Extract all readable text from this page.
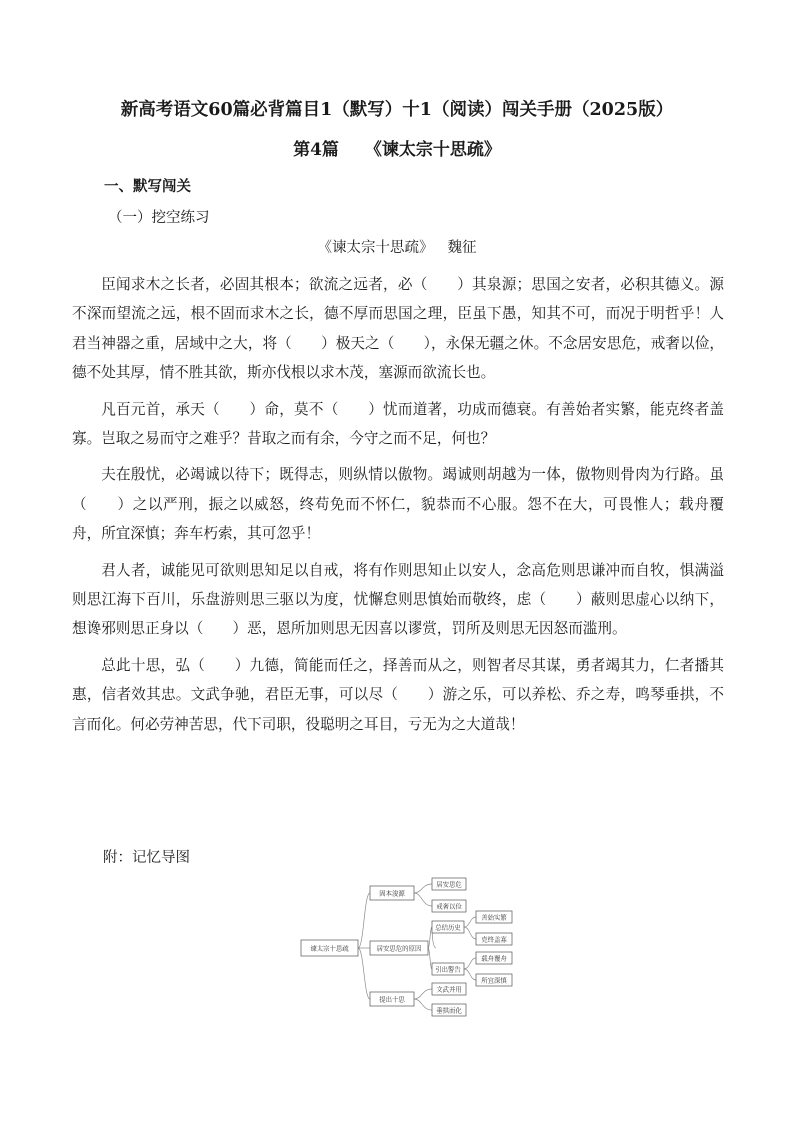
新高考语文60篇必背篇目1（默写）十1（阅读）闯关手册（2025版）
第4篇 《谏太宗十思疏》
一、默写闯关
（一）挖空练习
《谏太宗十思疏》 魏征

臣闻求木之长者，必固其根本；欲流之远者，必（　　）其泉源；思国之安者，必积其德义。源不深而望流之远，根不固而求木之长，德不厚而思国之理，臣虽下愚，知其不可，而况于明哲乎！人君当神器之重，居域中之大，将（　　）极天之（　　），永保无疆之休。不念居安思危，戒奢以俭，德不处其厚，情不胜其欲，斯亦伐根以求木茂，塞源而欲流长也。

凡百元首，承天（　　）命，莫不（　　）忧而道著，功成而德衰。有善始者实繁，能克终者盖寡。岂取之易而守之难乎？昔取之而有余，今守之而不足，何也？

夫在殷忧，必竭诚以待下；既得志，则纵情以傲物。竭诚则胡越为一体，傲物则骨肉为行路。虽（　　）之以严刑，振之以威怒，终苟免而不怀仁，貌恭而不心服。怨不在大，可畏惟人；载舟覆舟，所宜深慎；奔车朽索，其可忽乎！

君人者，诚能见可欲则思知足以自戒，将有作则思知止以安人，念高危则思谦冲而自牧，惧满溢则思江海下百川，乐盘游则思三驱以为度，忧懈怠则思慎始而敬终，虑（　　）蔽则思虚心以纳下，想谗邪则思正身以（　　）恶，恩所加则思无因喜以谬赏，罚所及则思无因怒而滥刑。

总此十思，弘（　　）九德，简能而任之，择善而从之，则智者尽其谋，勇者竭其力，仁者播其惠，信者效其忠。文武争驰，君臣无事，可以尽（　　）游之乐，可以养松、乔之寿，鸣琴垂拱，不言而化。何必劳神苦思，代下司职，役聪明之耳目，亏无为之大道哉！

附：记忆导图
谏太宗十思疏
固本浚源
居安思危的原因
提出十思
居安思危
戒奢以俭
总结历史
引出警告
文武并用
垂拱而化
善始实繁
克终盖寡
载舟覆舟
所宜深慎
